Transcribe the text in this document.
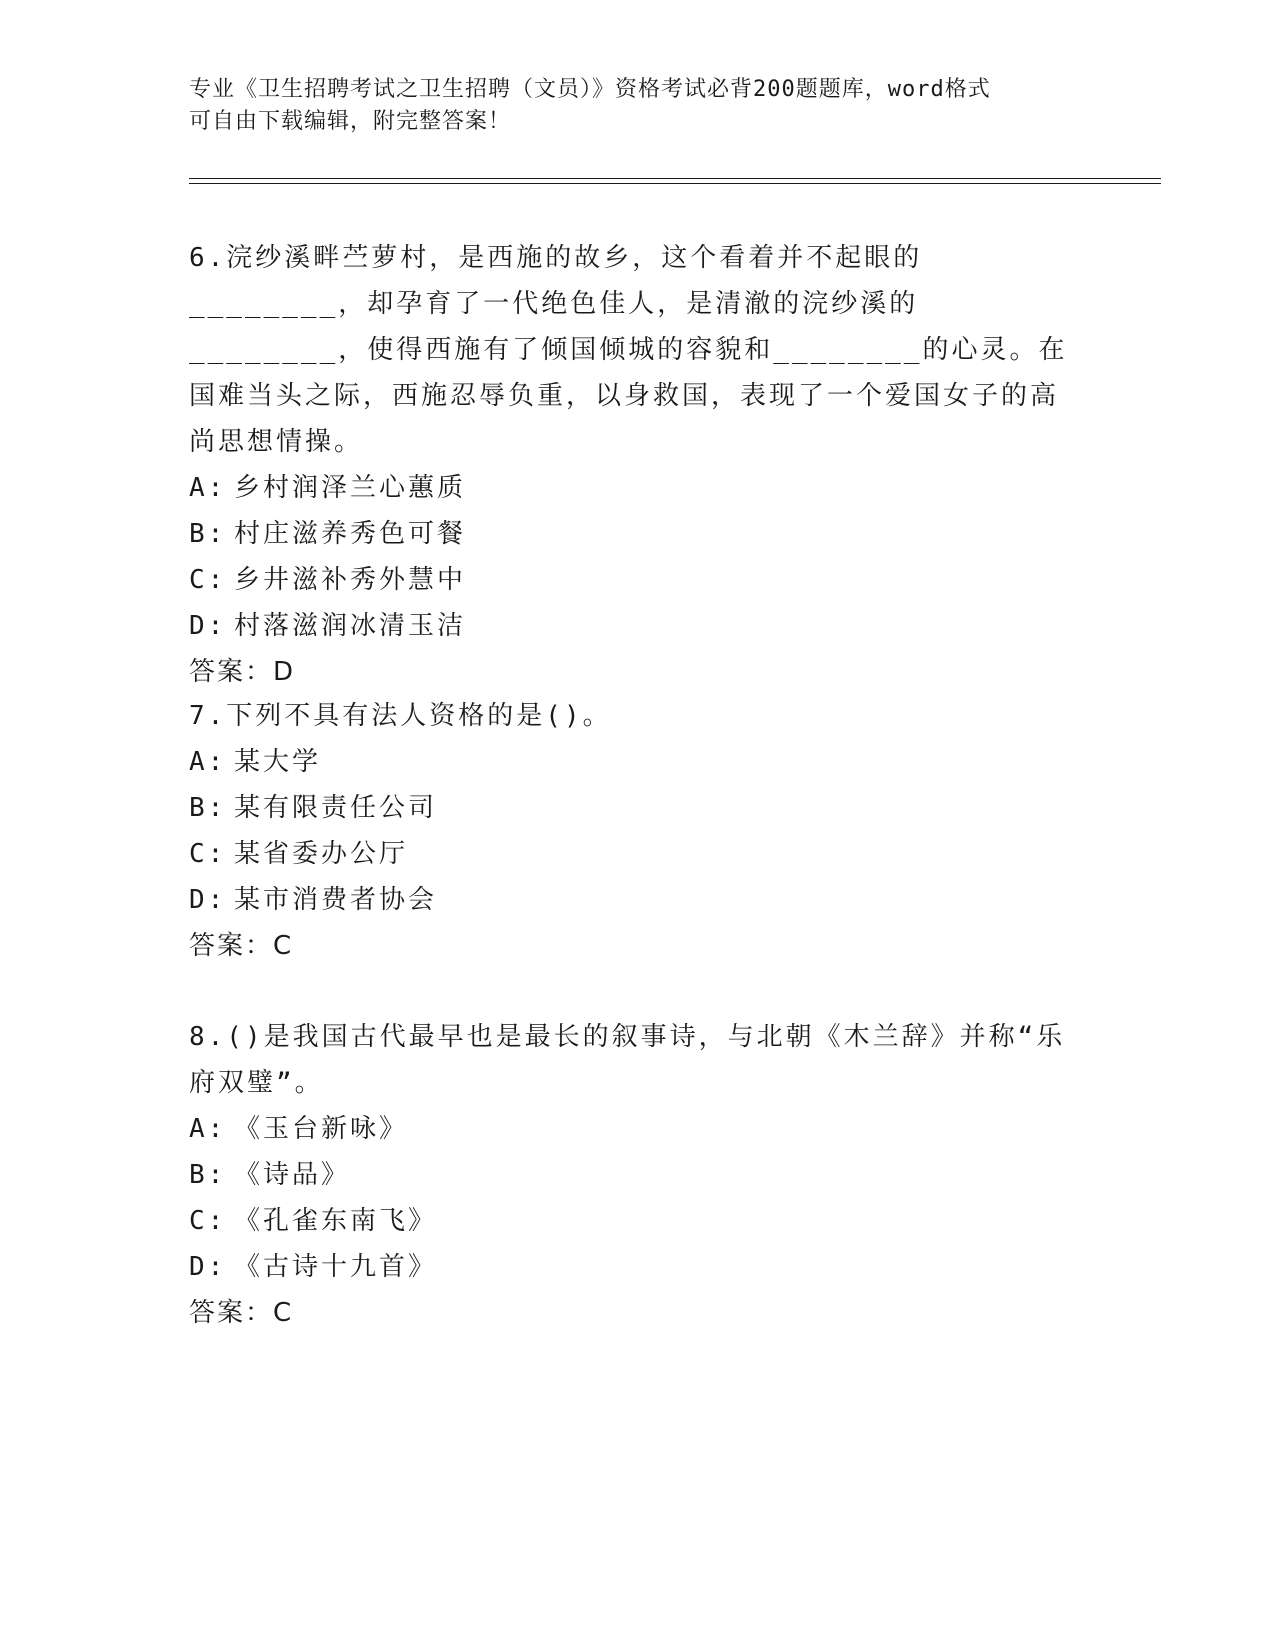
专业《卫生招聘考试之卫生招聘（文员）》资格考试必背200题题库，word格式
可自由下载编辑，附完整答案！

6.浣纱溪畔苎萝村，是西施的故乡，这个看着并不起眼的________，却孕育了一代绝色佳人，是清澈的浣纱溪的________，使得西施有了倾国倾城的容貌和________的心灵。在国难当头之际，西施忍辱负重，以身救国，表现了一个爱国女子的高尚思想情操。

A: 乡村润泽兰心蕙质
B: 村庄滋养秀色可餐
C: 乡井滋补秀外慧中
D: 村落滋润冰清玉洁
答案：D

7.下列不具有法人资格的是()。

A: 某大学
B: 某有限责任公司
C: 某省委办公厅
D: 某市消费者协会
答案：C

8.()是我国古代最早也是最长的叙事诗，与北朝《木兰辞》并称“乐府双璧”。

A: 《玉台新咏》
B: 《诗品》
C: 《孔雀东南飞》
D: 《古诗十九首》
答案：C
